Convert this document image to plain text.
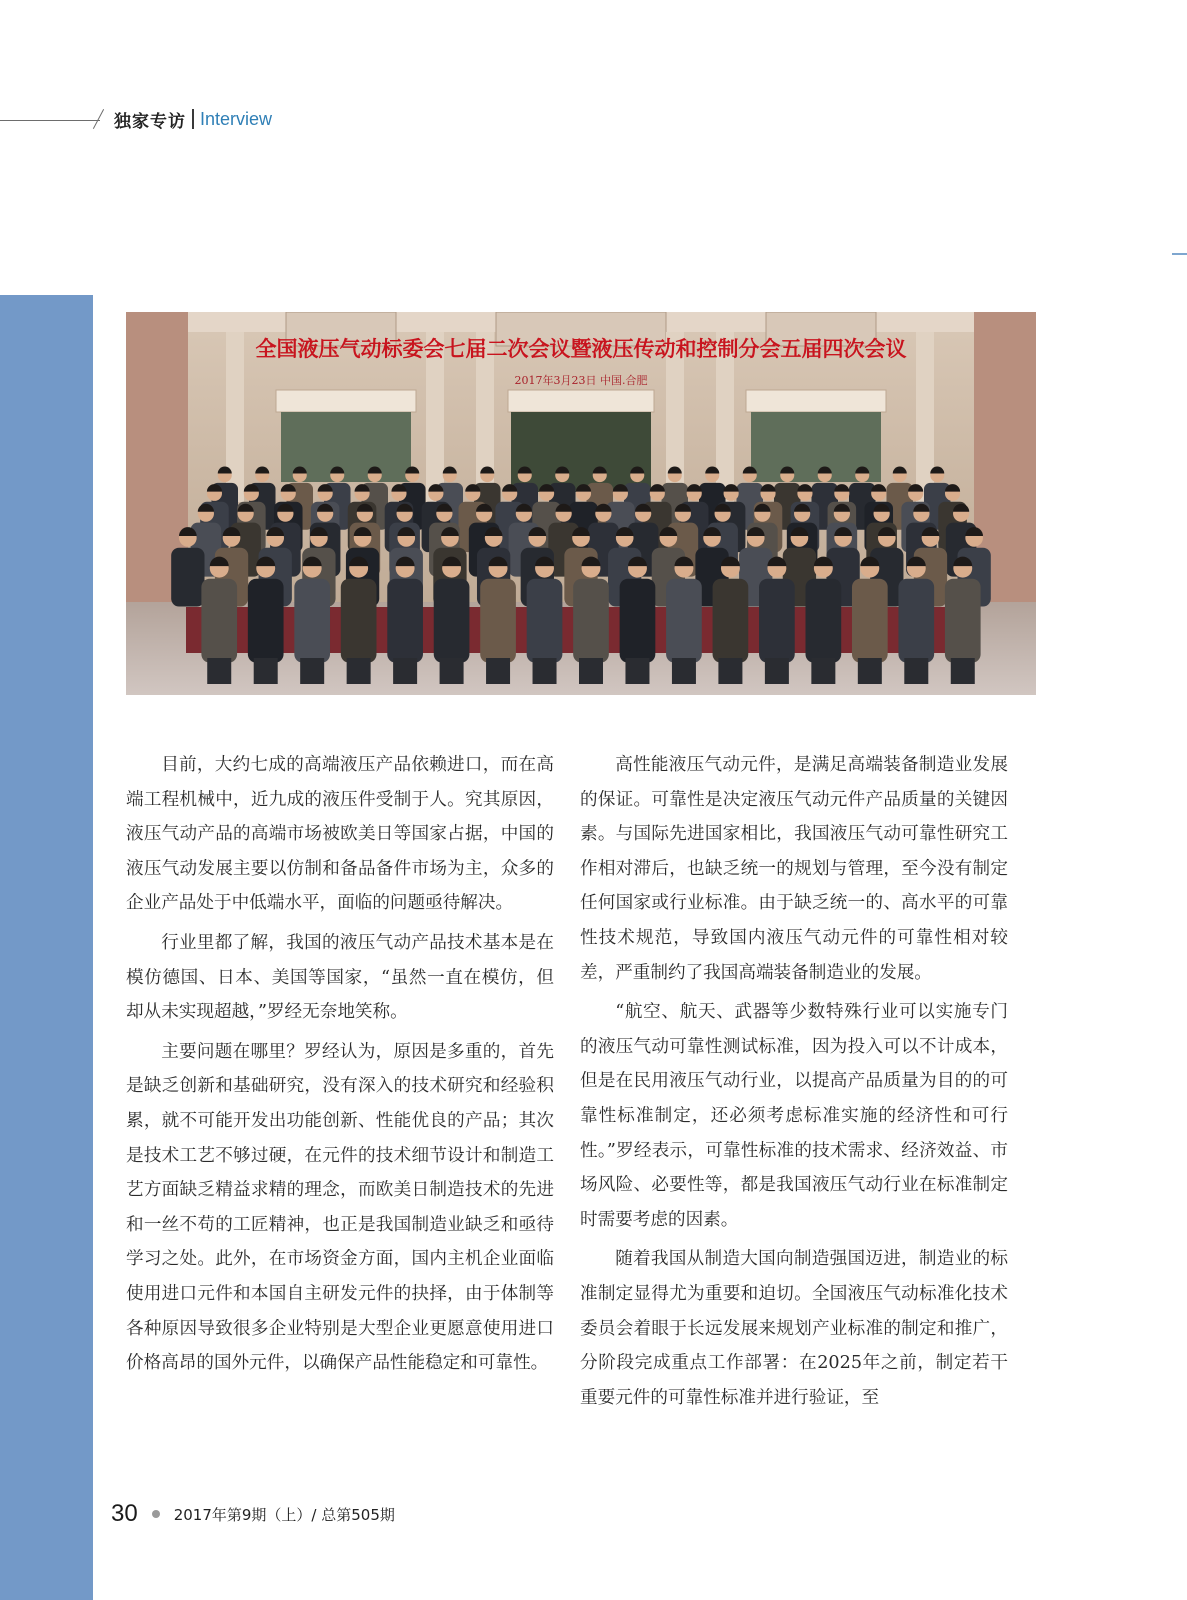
独家专访 Interview
全国液压气动标委会七届二次会议暨液压传动和控制分会五届四次会议
2017年3月23日 中国.合肥

目前，大约七成的高端液压产品依赖进口，而在高端工程机械中，近九成的液压件受制于人。究其原因，液压气动产品的高端市场被欧美日等国家占据，中国的液压气动发展主要以仿制和备品备件市场为主，众多的企业产品处于中低端水平，面临的问题亟待解决。

行业里都了解，我国的液压气动产品技术基本是在模仿德国、日本、美国等国家，“虽然一直在模仿，但却从未实现超越，”罗经无奈地笑称。

主要问题在哪里？罗经认为，原因是多重的，首先是缺乏创新和基础研究，没有深入的技术研究和经验积累，就不可能开发出功能创新、性能优良的产品；其次是技术工艺不够过硬，在元件的技术细节设计和制造工艺方面缺乏精益求精的理念，而欧美日制造技术的先进和一丝不苟的工匠精神，也正是我国制造业缺乏和亟待学习之处。此外，在市场资金方面，国内主机企业面临使用进口元件和本国自主研发元件的抉择，由于体制等各种原因导致很多企业特别是大型企业更愿意使用进口价格高昂的国外元件，以确保产品性能稳定和可靠性。

高性能液压气动元件，是满足高端装备制造业发展的保证。可靠性是决定液压气动元件产品质量的关键因素。与国际先进国家相比，我国液压气动可靠性研究工作相对滞后，也缺乏统一的规划与管理，至今没有制定任何国家或行业标准。由于缺乏统一的、高水平的可靠性技术规范，导致国内液压气动元件的可靠性相对较差，严重制约了我国高端装备制造业的发展。

“航空、航天、武器等少数特殊行业可以实施专门的液压气动可靠性测试标准，因为投入可以不计成本，但是在民用液压气动行业，以提高产品质量为目的的可靠性标准制定，还必须考虑标准实施的经济性和可行性。”罗经表示，可靠性标准的技术需求、经济效益、市场风险、必要性等，都是我国液压气动行业在标准制定时需要考虑的因素。

随着我国从制造大国向制造强国迈进，制造业的标准制定显得尤为重要和迫切。全国液压气动标准化技术委员会着眼于长远发展来规划产业标准的制定和推广，分阶段完成重点工作部署：在2025年之前，制定若干重要元件的可靠性标准并进行验证，至

30 2017年第9期（上）/ 总第505期
